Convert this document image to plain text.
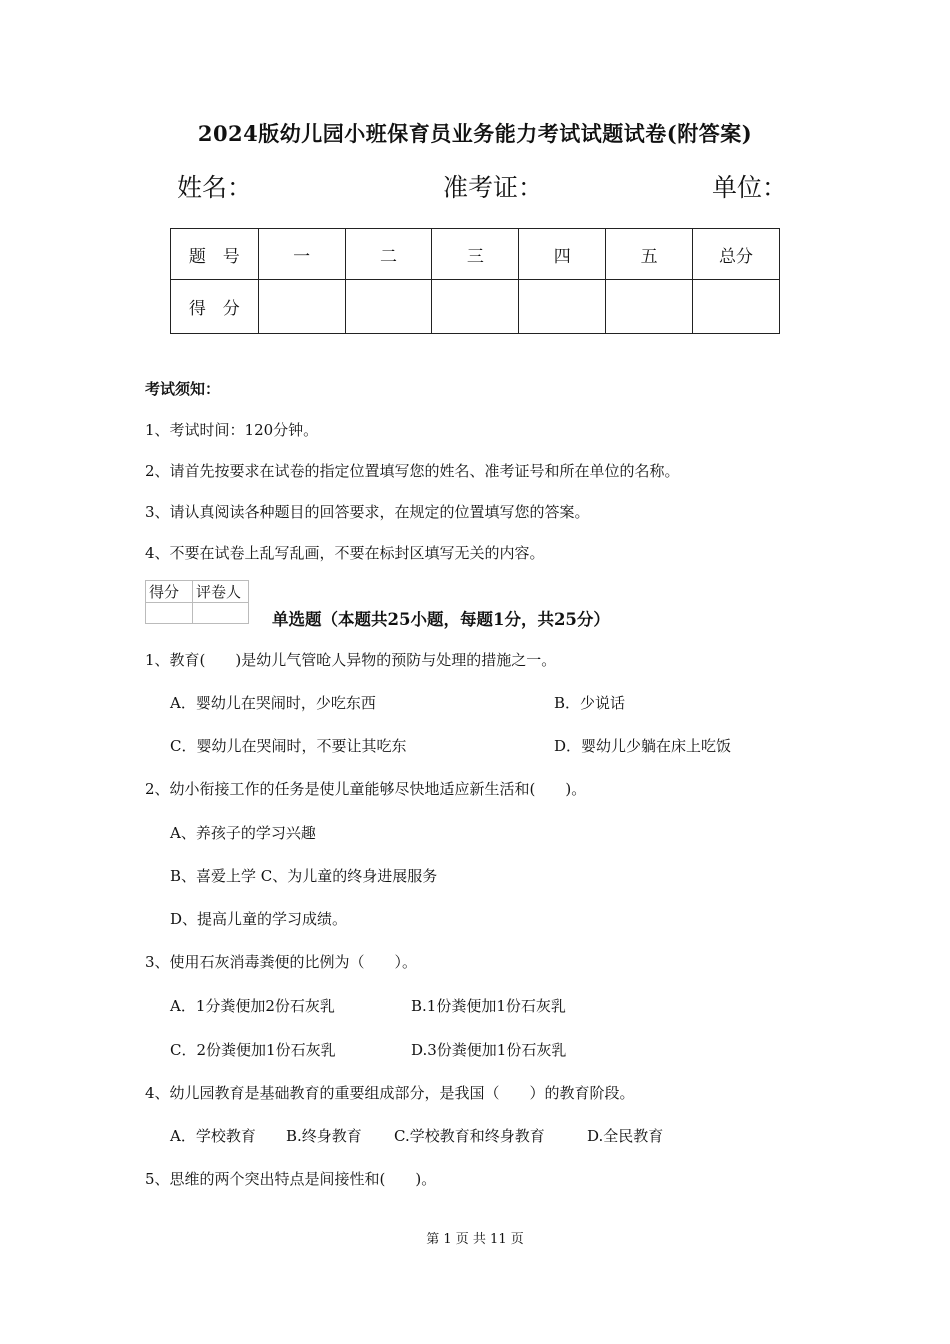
2024版幼儿园小班保育员业务能力考试试题试卷(附答案)
姓名：	准考证：	单位：
题　号	一	二	三	四	五	总分
得　分						
考试须知：
1、考试时间：120分钟。
2、请首先按要求在试卷的指定位置填写您的姓名、准考证号和所在单位的名称。
3、请认真阅读各种题目的回答要求，在规定的位置填写您的答案。
4、不要在试卷上乱写乱画，不要在标封区填写无关的内容。
得分	评卷人

单选题（本题共25小题，每题1分，共25分）
1、教育(　　)是幼儿气管呛人异物的预防与处理的措施之一。
A．婴幼儿在哭闹时，少吃东西	B．少说话
C．婴幼儿在哭闹时，不要让其吃东	D．婴幼儿少躺在床上吃饭
2、幼小衔接工作的任务是使儿童能够尽快地适应新生活和(　　)。
A、养孩子的学习兴趣
B、喜爱上学 C、为儿童的终身进展服务
D、提高儿童的学习成绩。
3、使用石灰消毒粪便的比例为（　　）。
A．1分粪便加2份石灰乳	B.1份粪便加1份石灰乳
C．2份粪便加1份石灰乳	D.3份粪便加1份石灰乳
4、幼儿园教育是基础教育的重要组成部分，是我国（　　）的教育阶段。
A．学校教育 B.终身教育 C.学校教育和终身教育	D.全民教育
5、思维的两个突出特点是间接性和(　　)。
第 1 页 共 11 页
